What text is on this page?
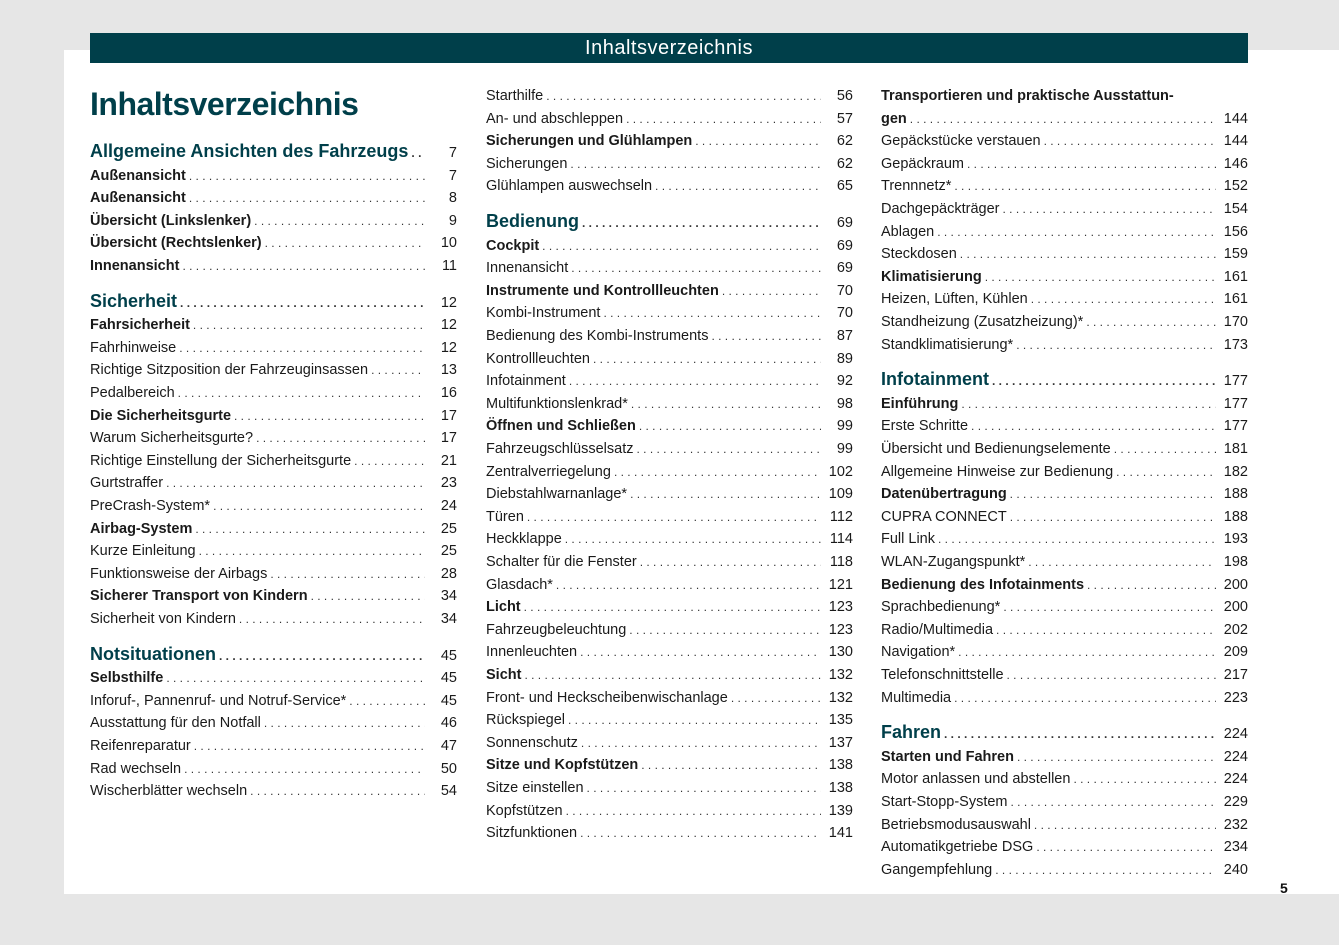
Inhaltsverzeichnis
Inhaltsverzeichnis
Allgemeine Ansichten des Fahrzeugs . . .	7
Außenansicht . . .	7
Außenansicht . . .	8
Übersicht (Linkslenker) . . .	9
Übersicht (Rechtslenker) . . .	10
Innenansicht . . .	11
Sicherheit . . .	12
Fahrsicherheit . . .	12
Fahrhinweise . . .	12
Richtige Sitzposition der Fahrzeuginsassen . . .	13
Pedalbereich . . .	16
Die Sicherheitsgurte . . .	17
Warum Sicherheitsgurte? . . .	17
Richtige Einstellung der Sicherheitsgurte . . .	21
Gurtstraffer . . .	23
PreCrash-System* . . .	24
Airbag-System . . .	25
Kurze Einleitung . . .	25
Funktionsweise der Airbags . . .	28
Sicherer Transport von Kindern . . .	34
Sicherheit von Kindern . . .	34
Notsituationen . . .	45
Selbsthilfe . . .	45
Inforuf-, Pannenruf- und Notruf-Service* . . .	45
Ausstattung für den Notfall . . .	46
Reifenreparatur . . .	47
Rad wechseln . . .	50
Wischerblätter wechseln . . .	54
Starthilfe . . .	56
An- und abschleppen . . .	57
Sicherungen und Glühlampen . . .	62
Sicherungen . . .	62
Glühlampen auswechseln . . .	65
Bedienung . . .	69
Cockpit . . .	69
Innenansicht . . .	69
Instrumente und Kontrollleuchten . . .	70
Kombi-Instrument . . .	70
Bedienung des Kombi-Instruments . . .	87
Kontrollleuchten . . .	89
Infotainment . . .	92
Multifunktionslenkrad* . . .	98
Öffnen und Schließen . . .	99
Fahrzeugschlüsselsatz . . .	99
Zentralverriegelung . . .	102
Diebstahlwarnanlage* . . .	109
Türen . . .	112
Heckklappe . . .	114
Schalter für die Fenster . . .	118
Glasdach* . . .	121
Licht . . .	123
Fahrzeugbeleuchtung . . .	123
Innenleuchten . . .	130
Sicht . . .	132
Front- und Heckscheibenwischanlage . . .	132
Rückspiegel . . .	135
Sonnenschutz . . .	137
Sitze und Kopfstützen . . .	138
Sitze einstellen . . .	138
Kopfstützen . . .	139
Sitzfunktionen . . .	141
Transportieren und praktische Ausstattun-
gen . . .	144
Gepäckstücke verstauen . . .	144
Gepäckraum . . .	146
Trennnetz* . . .	152
Dachgepäckträger . . .	154
Ablagen . . .	156
Steckdosen . . .	159
Klimatisierung . . .	161
Heizen, Lüften, Kühlen . . .	161
Standheizung (Zusatzheizung)* . . .	170
Standklimatisierung* . . .	173
Infotainment . . .	177
Einführung . . .	177
Erste Schritte . . .	177
Übersicht und Bedienungselemente . . .	181
Allgemeine Hinweise zur Bedienung . . .	182
Datenübertragung . . .	188
CUPRA CONNECT . . .	188
Full Link . . .	193
WLAN-Zugangspunkt* . . .	198
Bedienung des Infotainments . . .	200
Sprachbedienung* . . .	200
Radio/Multimedia . . .	202
Navigation* . . .	209
Telefonschnittstelle . . .	217
Multimedia . . .	223
Fahren . . .	224
Starten und Fahren . . .	224
Motor anlassen und abstellen . . .	224
Start-Stopp-System . . .	229
Betriebsmodusauswahl . . .	232
Automatikgetriebe DSG . . .	234
Gangempfehlung . . .	240
5
